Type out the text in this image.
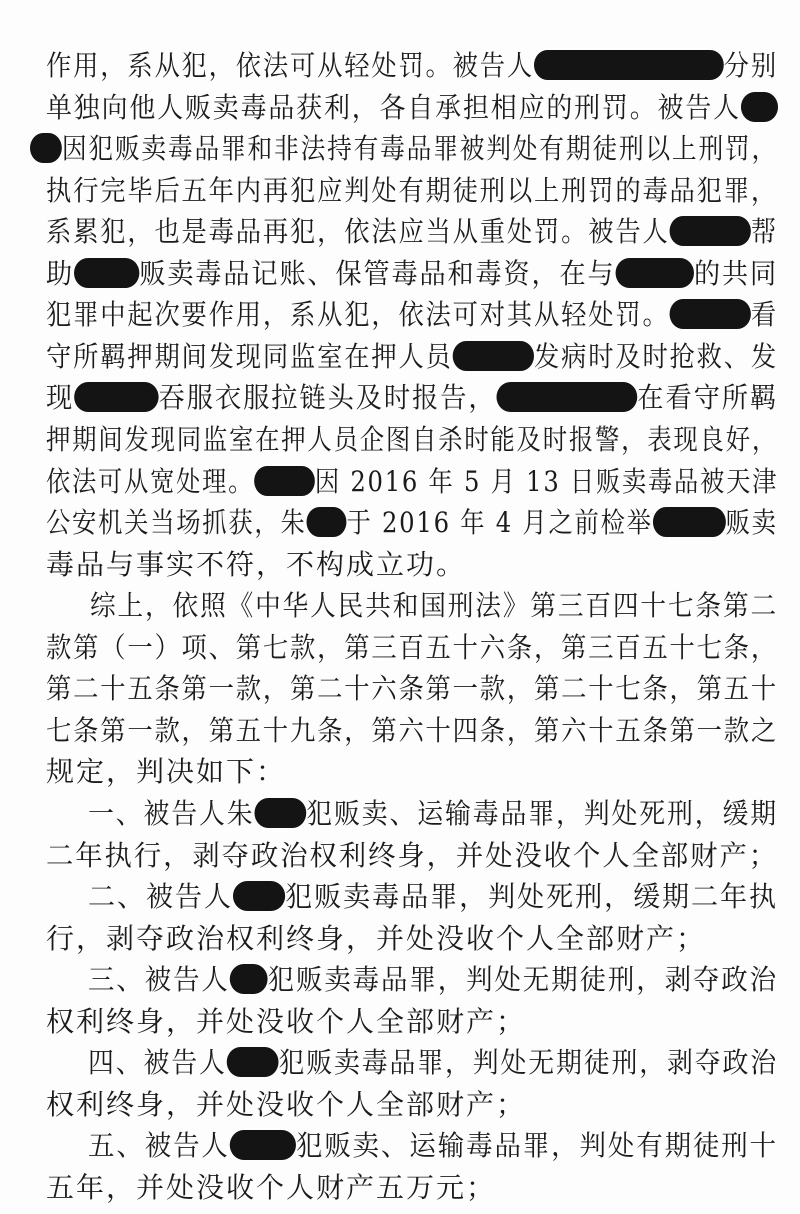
作用，系从犯，依法可从轻处罚。被告人	分别
单独向他人贩卖毒品获利，各自承担相应的刑罚。被告人
因犯贩卖毒品罪和非法持有毒品罪被判处有期徒刑以上刑罚，
执行完毕后五年内再犯应判处有期徒刑以上刑罚的毒品犯罪，
系累犯，也是毒品再犯，依法应当从重处罚。被告人	帮
助 贩卖毒品记账、保管毒品和毒资，在与	的共同
犯罪中起次要作用，系从犯，依法可对其从轻处罚。	看
守所羁押期间发现同监室在押人员	发病时及时抢救、发
现	吞服衣服拉链头及时报告，	在看守所羁
押期间发现同监室在押人员企图自杀时能及时报警，表现良好，
依法可从宽处理。 因 2016 年 5 月 13 日贩卖毒品被天津
公安机关当场抓获，朱 于 2016 年 4 月之前检举	贩卖
毒品与事实不符，不构成立功。
综上，依照《中华人民共和国刑法》第三百四十七条第二
款第（一）项、第七款，第三百五十六条，第三百五十七条，
第二十五条第一款，第二十六条第一款，第二十七条，第五十
七条第一款，第五十九条，第六十四条，第六十五条第一款之
规定，判决如下：
一、被告人朱 犯贩卖、运输毒品罪，判处死刑，缓期
二年执行，剥夺政治权利终身，并处没收个人全部财产；
二、被告人 犯贩卖毒品罪，判处死刑，缓期二年执
行，剥夺政治权利终身，并处没收个人全部财产；
三、被告人 犯贩卖毒品罪，判处无期徒刑，剥夺政治
权利终身，并处没收个人全部财产；
四、被告人 犯贩卖毒品罪，判处无期徒刑，剥夺政治
权利终身，并处没收个人全部财产；
五、被告人 犯贩卖、运输毒品罪，判处有期徒刑十
五年，并处没收个人财产五万元；
